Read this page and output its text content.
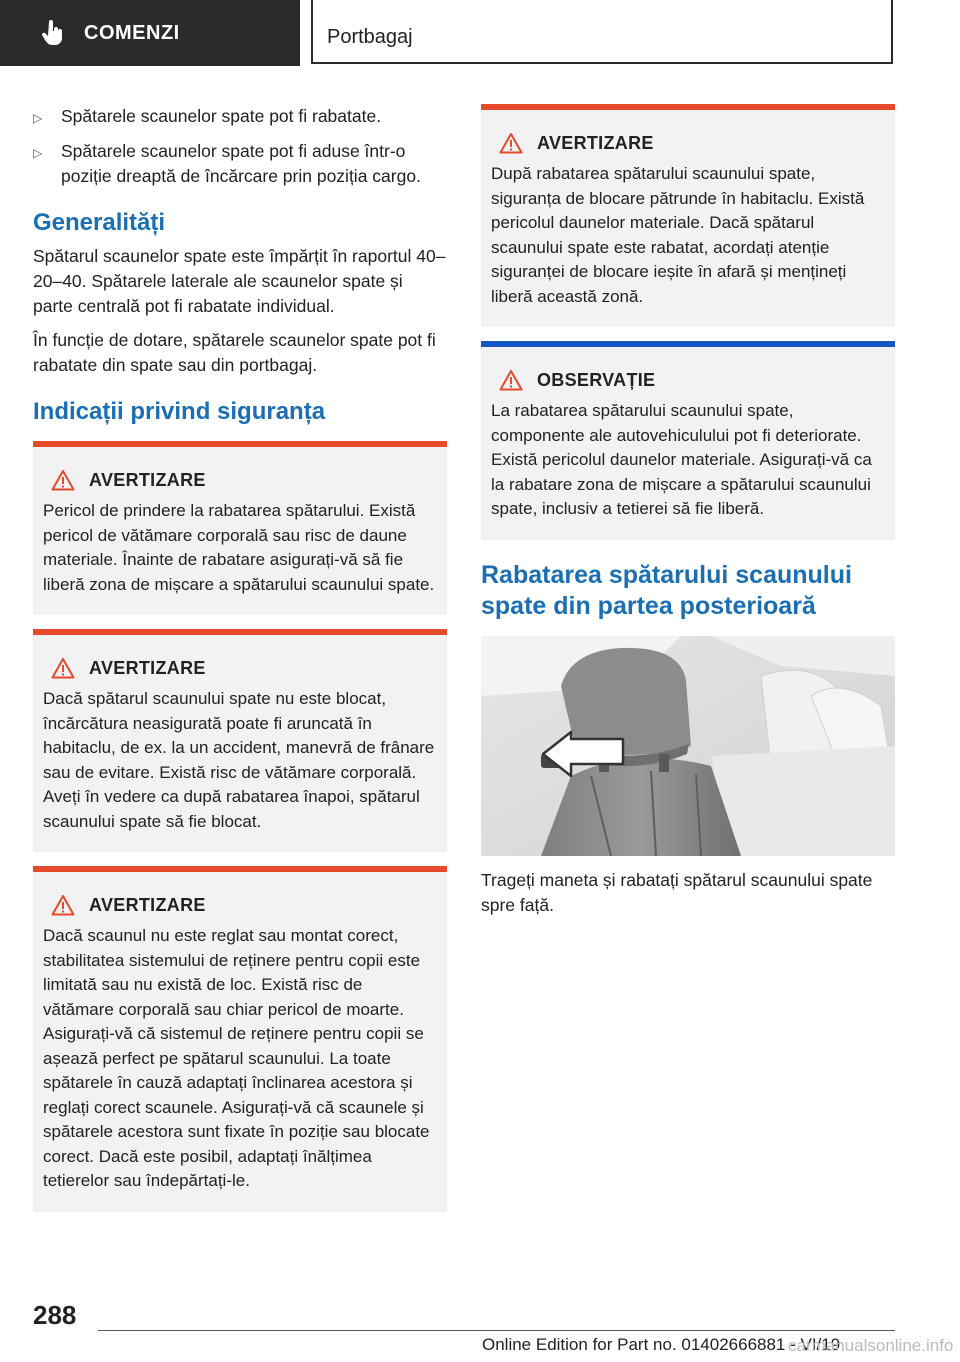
COMENZI	Portbagaj
▷ Spătarele scaunelor spate pot fi rabatate.
▷ Spătarele scaunelor spate pot fi aduse într-o poziție dreaptă de încărcare prin poziția cargo.
Generalități

Spătarul scaunelor spate este împărțit în raportul 40–20–40. Spătarele laterale ale scaunelor spate și parte centrală pot fi rabatate individual.

În funcție de dotare, spătarele scaunelor spate pot fi rabatate din spate sau din portbagaj.

Indicații privind siguranța
AVERTIZARE
Pericol de prindere la rabatarea spătarului. Există pericol de vătămare corporală sau risc de daune materiale. Înainte de rabatare asigurați-vă să fie liberă zona de mișcare a spătarului scaunului spate.
AVERTIZARE
Dacă spătarul scaunului spate nu este blocat, încărcătura neasigurată poate fi aruncată în habitaclu, de ex. la un accident, manevră de frânare sau de evitare. Există risc de vătămare corporală. Aveți în vedere ca după rabatarea înapoi, spătarul scaunului spate să fie blocat.
AVERTIZARE
Dacă scaunul nu este reglat sau montat corect, stabilitatea sistemului de reținere pentru copii este limitată sau nu există de loc. Există risc de vătămare corporală sau chiar pericol de moarte. Asigurați-vă că sistemul de reținere pentru copii se așează perfect pe spătarul scaunului. La toate spătarele în cauză adaptați înclinarea acestora și reglați corect scaunele. Asigurați-vă că scaunele și spătarele acestora sunt fixate în poziție sau blocate corect. Dacă este posibil, adaptați înălțimea tetierelor sau îndepărtați-le.
AVERTIZARE
După rabatarea spătarului scaunului spate, siguranța de blocare pătrunde în habitaclu. Există pericolul daunelor materiale. Dacă spătarul scaunului spate este rabatat, acordați atenție siguranței de blocare ieșite în afară și mențineți liberă această zonă.
OBSERVAȚIE
La rabatarea spătarului scaunului spate, componente ale autovehiculului pot fi deteriorate. Există pericolul daunelor materiale. Asigurați-vă ca la rabatare zona de mișcare a spătarului scaunului spate, inclusiv a tetierei să fie liberă.
Rabatarea spătarului scaunului spate din partea posterioară

Trageți maneta și rabatați spătarul scaunului spate spre față.

288
Online Edition for Part no. 01402666881 - VI/19
carmanualsonline.info
